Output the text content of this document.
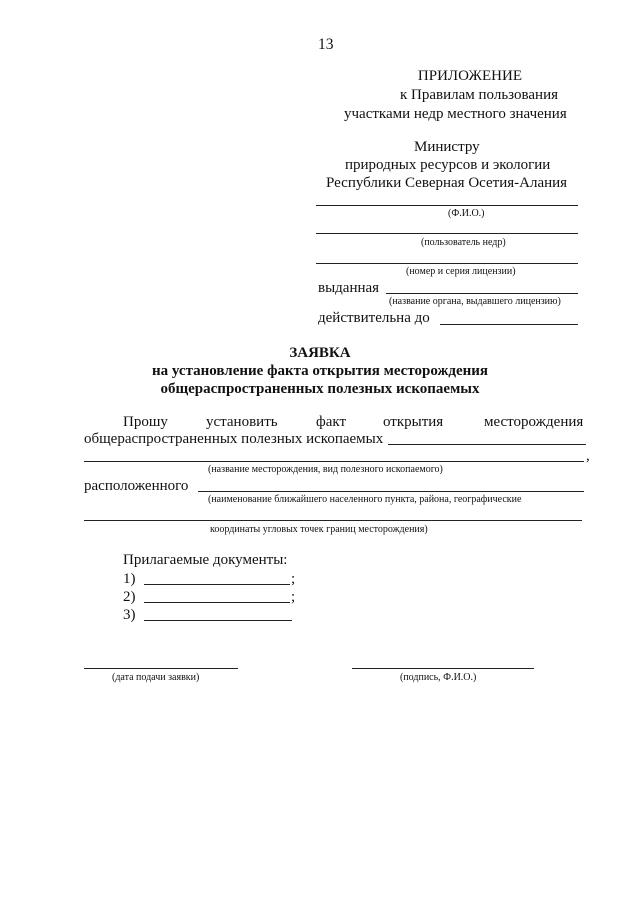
13
ПРИЛОЖЕНИЕ
к Правилам пользования
участками недр местного значения
Министру
природных ресурсов и экологии
Республики Северная Осетия-Алания
(Ф.И.О.)
(пользователь недр)
(номер и серия лицензии)
выданная
(название органа, выдавшего лицензию)
действительна до
ЗАЯВКА
на установление факта открытия месторождения
общераспространенных полезных ископаемых
Прошу	установить	факт открытия	месторождения
общераспространенных полезных ископаемых
,
(название месторождения, вид полезного ископаемого)
расположенного
(наименование ближайшего населенного пункта, района, географические
координаты угловых точек границ месторождения)
Прилагаемые документы:
1)	;
2)	;
3)
(дата подачи заявки)	(подпись, Ф.И.О.)
